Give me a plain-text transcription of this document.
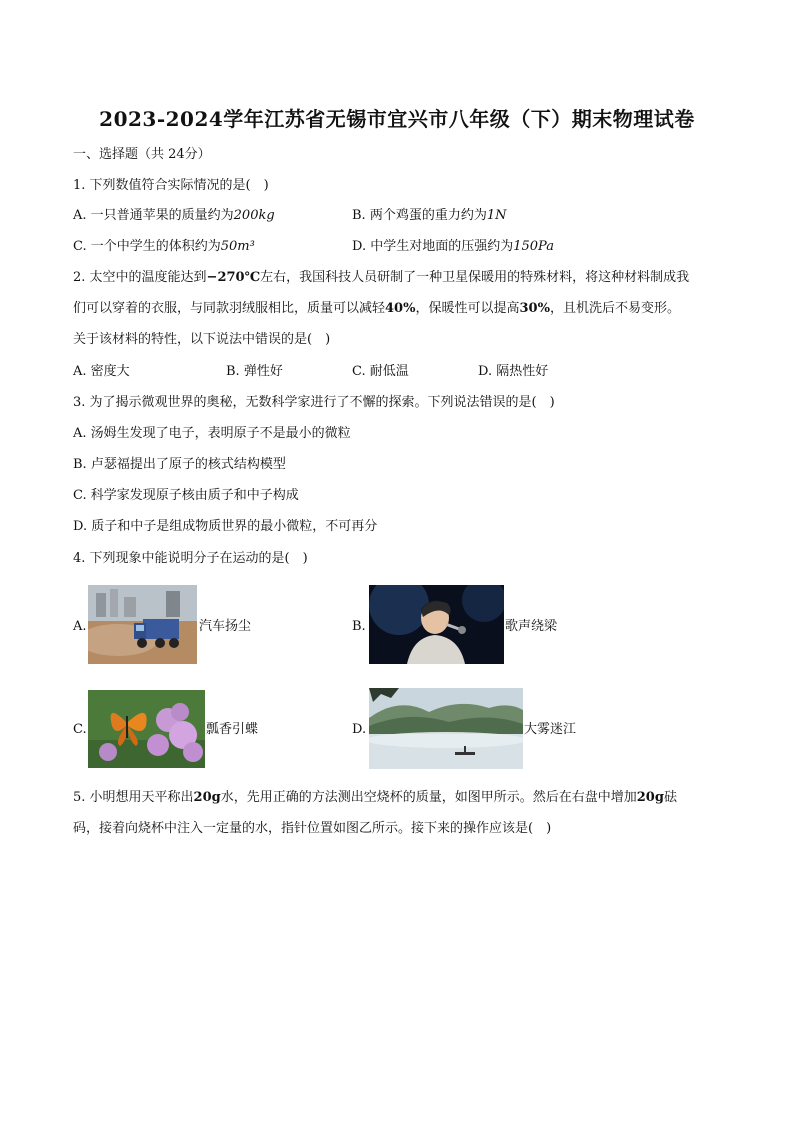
2023-2024学年江苏省无锡市宜兴市八年级（下）期末物理试卷
一、选择题（共 24分）
1. 下列数值符合实际情况的是(　)
A. 一只普通苹果的质量约为200kg	B. 两个鸡蛋的重力约为1N
C. 一个中学生的体积约为50m³	D. 中学生对地面的压强约为150Pa
2. 太空中的温度能达到−270℃左右，我国科技人员研制了一种卫星保暖用的特殊材料，将这种材料制成我
们可以穿着的衣服，与同款羽绒服相比，质量可以减轻40%，保暖性可以提高30%，且机洗后不易变形。
关于该材料的特性，以下说法中错误的是(　)
A. 密度大	B. 弹性好	C. 耐低温	D. 隔热性好
3. 为了揭示微观世界的奥秘，无数科学家进行了不懈的探索。下列说法错误的是(　)
A. 汤姆生发现了电子，表明原子不是最小的微粒
B. 卢瑟福提出了原子的核式结构模型
C. 科学家发现原子核由质子和中子构成
D. 质子和中子是组成物质世界的最小微粒，不可再分
4. 下列现象中能说明分子在运动的是(　)
A.	汽车扬尘	B.	歌声绕梁
C.	瓢香引蝶	D.	大雾迷江
5. 小明想用天平称出20g水，先用正确的方法测出空烧杯的质量，如图甲所示。然后在右盘中增加20g砝
码，接着向烧杯中注入一定量的水，指针位置如图乙所示。接下来的操作应该是(　)
